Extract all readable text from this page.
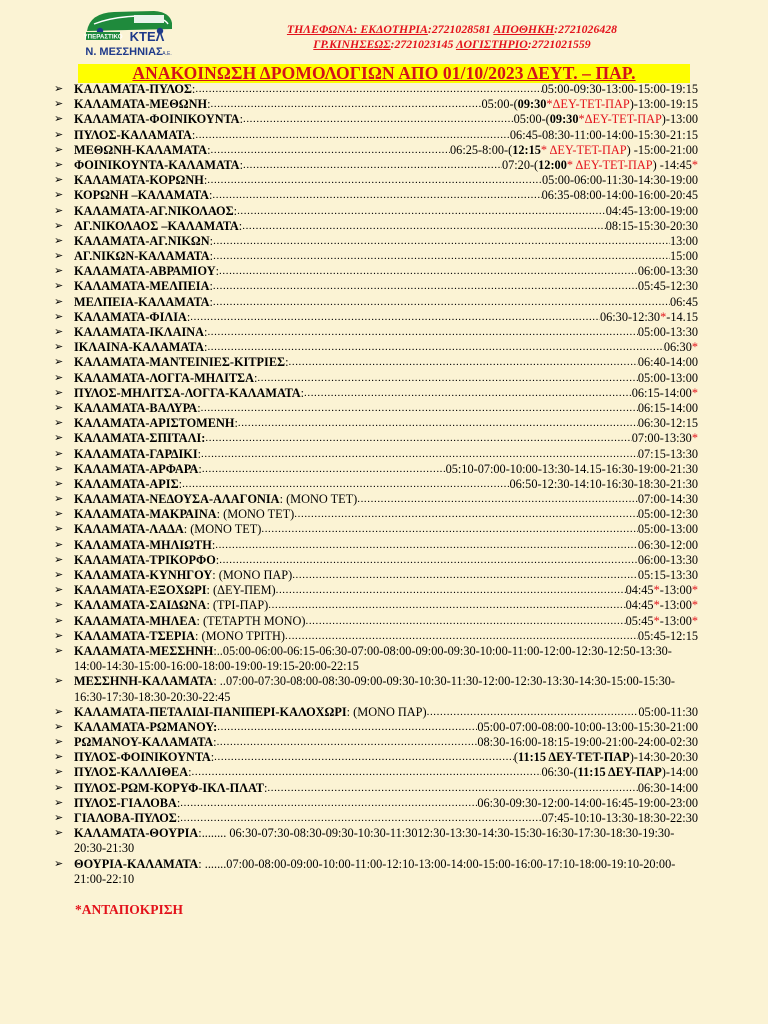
ΥΠΕΡΑΣΤΙΚΟ ΚΤΕΛ
Ν. ΜΕΣΣΗΝΙΑΣ Α.Ε.
ΤΗΛΕΦΩΝΑ: ΕΚΔΟΤΗΡΙΑ:2721028581 ΑΠΟΘΗΚΗ:2721026428
ΓΡ.ΚΙΝΗΣΕΩΣ:2721023145 ΛΟΓΙΣΤΗΡΙΟ:2721021559
ΑΝΑΚΟΙΝΩΣΗ ΔΡΟΜΟΛΟΓΙΩΝ ΑΠΟ 01/10/2023 ΔΕΥΤ. – ΠΑΡ.
➢ ΚΑΛΑΜΑΤΑ-ΠΥΛΟΣ : .....	05:00-09:30-13:00-15:00-19:15
➢ ΚΑΛΑΜΑΤΑ-ΜΕΘΩΝΗ : .....	05:00-(09:30*ΔΕΥ-ΤΕΤ-ΠΑΡ)-13:00-19:15
➢ ΚΑΛΑΜΑΤΑ-ΦΟΙΝΙΚΟΥΝΤΑ : .....	05:00-(09:30*ΔΕΥ-ΤΕΤ-ΠΑΡ)-13:00
➢ ΠΥΛΟΣ-ΚΑΛΑΜΑΤΑ : .....	06:45-08:30-11:00-14:00-15:30-21:15
➢ ΜΕΘΩΝΗ-ΚΑΛΑΜΑΤΑ : .....	06:25-8:00-(12:15* ΔΕΥ-ΤΕΤ-ΠΑΡ) -15:00-21:00
➢ ΦΟΙΝΙΚΟΥΝΤΑ-ΚΑΛΑΜΑΤΑ : .....	07:20-(12:00* ΔΕΥ-ΤΕΤ-ΠΑΡ) -14:45*
➢ ΚΑΛΑΜΑΤΑ-ΚΟΡΩΝΗ : .....	05:00-06:00-11:30-14:30-19:00
➢ ΚΟΡΩΝΗ –ΚΑΛΑΜΑΤΑ : .....	06:35-08:00-14:00-16:00-20:45
➢ ΚΑΛΑΜΑΤΑ-ΑΓ.ΝΙΚΟΛΑΟΣ : .....	04:45-13:00-19:00
➢ ΑΓ.ΝΙΚΟΛΑΟΣ –ΚΑΛΑΜΑΤΑ : .....	08:15-15:30-20:30
➢ ΚΑΛΑΜΑΤΑ-ΑΓ.ΝΙΚΩΝ : .....	13:00
➢ ΑΓ.ΝΙΚΩΝ-ΚΑΛΑΜΑΤΑ : .....	15:00
➢ ΚΑΛΑΜΑΤΑ-ΑΒΡΑΜΙΟΥ : .....	06:00-13:30
➢ ΚΑΛΑΜΑΤΑ-ΜΕΛΠΕΙΑ : .....	05:45-12:30
➢ ΜΕΛΠΕΙΑ-ΚΑΛΑΜΑΤΑ : .....	06:45
➢ ΚΑΛΑΜΑΤΑ-ΦΙΛΙΑ : .....	06:30-12:30*-14.15
➢ ΚΑΛΑΜΑΤΑ-ΙΚΛΑΙΝΑ : .....	05:00-13:30
➢ ΙΚΛΑΙΝΑ-ΚΑΛΑΜΑΤΑ : .....	06:30*
➢ ΚΑΛΑΜΑΤΑ-ΜΑΝΤΕΙΝΙΕΣ-ΚΙΤΡΙΕΣ : .....	06:40-14:00
➢ ΚΑΛΑΜΑΤΑ-ΛΟΓΓΑ-ΜΗΛΙΤΣΑ : .....	05:00-13:00
➢ ΠΥΛΟΣ-ΜΗΛΙΤΣΑ-ΛΟΓΓΑ-ΚΑΛΑΜΑΤΑ : .....	06:15-14:00*
➢ ΚΑΛΑΜΑΤΑ-ΒΑΛΥΡΑ : .....	06:15-14:00
➢ ΚΑΛΑΜΑΤΑ-ΑΡΙΣΤΟΜΕΝΗ : .....	06:30-12:15
➢ ΚΑΛΑΜΑΤΑ-ΣΠΙΤΑΛΙ: .....	07:00-13:30*
➢ ΚΑΛΑΜΑΤΑ-ΓΑΡΔΙΚΙ : .....	07:15-13:30
➢ ΚΑΛΑΜΑΤΑ-ΑΡΦΑΡΑ : .....	05:10-07:00-10:00-13:30-14.15-16:30-19:00-21:30
➢ ΚΑΛΑΜΑΤΑ-ΑΡΙΣ : .....	06:50-12:30-14:10-16:30-18:30-21:30
➢ ΚΑΛΑΜΑΤΑ-ΝΕΔΟΥΣΑ-ΑΛΑΓΟΝΙΑ : (ΜΟΝΟ ΤΕΤ) .....	07:00-14:30
➢ ΚΑΛΑΜΑΤΑ-ΜΑΚΡΑΙΝΑ : (ΜΟΝΟ ΤΕΤ) .....	05:00-12:30
➢ ΚΑΛΑΜΑΤΑ-ΛΑΔΑ : (ΜΟΝΟ ΤΕΤ) .....	05:00-13:00
➢ ΚΑΛΑΜΑΤΑ-ΜΗΛΙΩΤΗ : .....	06:30-12:00
➢ ΚΑΛΑΜΑΤΑ-ΤΡΙΚΟΡΦΟ : .....	06:00-13:30
➢ ΚΑΛΑΜΑΤΑ-ΚΥΝΗΓΟΥ : (ΜΟΝΟ ΠΑΡ) .....	05:15-13:30
➢ ΚΑΛΑΜΑΤΑ-ΕΞΟΧΩΡΙ : (ΔΕΥ-ΠΕΜ) .....	04:45*-13:00*
➢ ΚΑΛΑΜΑΤΑ-ΣΑΙΔΩΝΑ : (ΤΡΙ-ΠΑΡ) .....	04:45*-13:00*
➢ ΚΑΛΑΜΑΤΑ-ΜΗΛΕΑ : (ΤΕΤΑΡΤΗ ΜΟΝΟ) .....	05:45*-13:00*
➢ ΚΑΛΑΜΑΤΑ-ΤΣΕΡΙΑ : (ΜΟΝΟ ΤΡΙΤΗ) .....	05:45-12:15
➢ ΚΑΛΑΜΑΤΑ-ΜΕΣΣΗΝΗ:..05:00-06:00-06:15-06:30-07:00-08:00-09:00-09:30-10:00-11:00-12:00-12:30-12:50-13:30-14:00-14:30-15:00-16:00-18:00-19:00-19:15-20:00-22:15
➢ ΜΕΣΣΗΝΗ-ΚΑΛΑΜΑΤΑ: ..07:00-07:30-08:00-08:30-09:00-09:30-10:30-11:30-12:00-12:30-13:30-14:30-15:00-15:30-16:30-17:30-18:30-20:30-22:45
➢ ΚΑΛΑΜΑΤΑ-ΠΕΤΑΛΙΔΙ-ΠΑΝΙΠΕΡΙ-ΚΑΛΟΧΩΡΙ : (ΜΟΝΟ ΠΑΡ) .....	05:00-11:30
➢ ΚΑΛΑΜΑΤΑ-ΡΩΜΑΝΟΥ: .....	05:00-07:00-08:00-10:00-13:00-15:30-21:00
➢ ΡΩΜΑΝΟΥ-ΚΑΛΑΜΑΤΑ : .....	08:30-16:00-18:15-19:00-21:00-24:00-02:30
➢ ΠΥΛΟΣ-ΦΟΙΝΙΚΟΥΝΤΑ : .....	(11:15 ΔΕΥ-ΤΕΤ-ΠΑΡ)-14:30-20:30
➢ ΠΥΛΟΣ-ΚΑΛΛΙΘΕΑ : .....	06:30-(11:15 ΔΕΥ-ΠΑΡ)-14:00
➢ ΠΥΛΟΣ-ΡΩΜ-ΚΟΡΥΦ-ΙΚΛ-ΠΛΑΤ : .....	06:30-14:00
➢ ΠΥΛΟΣ-ΓΙΑΛΟΒΑ : .....	06:30-09:30-12:00-14:00-16:45-19:00-23:00
➢ ΓΙΑΛΟΒΑ-ΠΥΛΟΣ : .....	07:45-10:10-13:30-18:30-22:30
➢ ΚΑΛΑΜΑΤΑ-ΘΟΥΡΙΑ:........ 06:30-07:30-08:30-09:30-10:30-11:3012:30-13:30-14:30-15:30-16:30-17:30-18:30-19:30-20:30-21:30
➢ ΘΟΥΡΙΑ-ΚΑΛΑΜΑΤΑ: .......07:00-08:00-09:00-10:00-11:00-12:10-13:00-14:00-15:00-16:00-17:10-18:00-19:10-20:00-21:00-22:10
*ΑΝΤΑΠΟΚΡΙΣΗ
